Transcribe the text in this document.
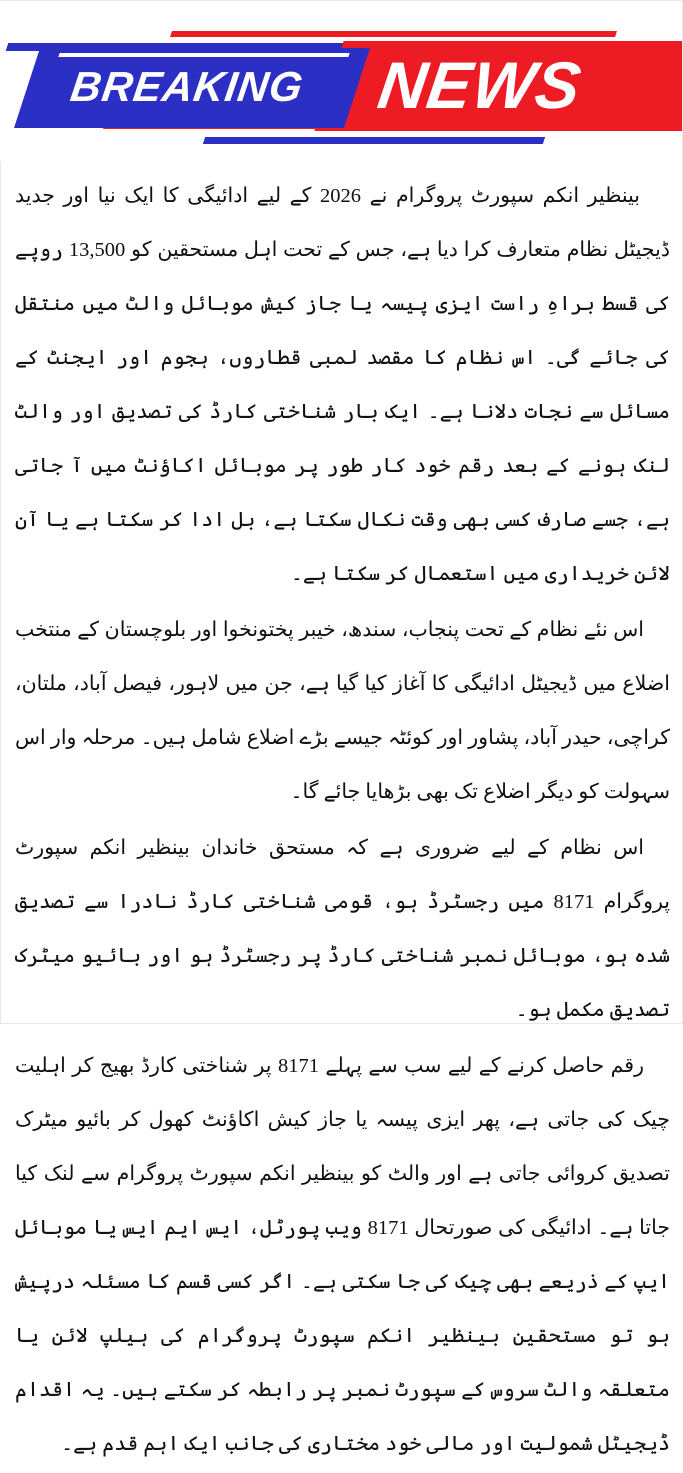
BREAKING NEWS

بینظیر انکم سپورٹ پروگرام نے 2026 کے لیے ادائیگی کا ایک نیا اور جدید ڈیجیٹل نظام متعارف کرا دیا ہے، جس کے تحت اہل مستحقین کو 13,500 روپے کی قسط براہِ راست ایزی پیسہ یا جاز کیش موبائل والٹ میں منتقل کی جائے گی۔ اس نظام کا مقصد لمبی قطاروں، ہجوم اور ایجنٹ کے مسائل سے نجات دلانا ہے۔ ایک بار شناختی کارڈ کی تصدیق اور والٹ لنک ہونے کے بعد رقم خود کار طور پر موبائل اکاؤنٹ میں آ جاتی ہے، جسے صارف کسی بھی وقت نکال سکتا ہے، بل ادا کر سکتا ہے یا آن لائن خریداری میں استعمال کر سکتا ہے۔

اس نئے نظام کے تحت پنجاب، سندھ، خیبر پختونخوا اور بلوچستان کے منتخب اضلاع میں ڈیجیٹل ادائیگی کا آغاز کیا گیا ہے، جن میں لاہور، فیصل آباد، ملتان، کراچی، حیدر آباد، پشاور اور کوئٹہ جیسے بڑے اضلاع شامل ہیں۔ مرحلہ وار اس سہولت کو دیگر اضلاع تک بھی بڑھایا جائے گا۔

اس نظام کے لیے ضروری ہے کہ مستحق خاندان بینظیر انکم سپورٹ پروگرام 8171 میں رجسٹرڈ ہو، قومی شناختی کارڈ نادرا سے تصدیق شدہ ہو، موبائل نمبر شناختی کارڈ پر رجسٹرڈ ہو اور بائیو میٹرک تصدیق مکمل ہو۔

رقم حاصل کرنے کے لیے سب سے پہلے 8171 پر شناختی کارڈ بھیج کر اہلیت چیک کی جاتی ہے، پھر ایزی پیسہ یا جاز کیش اکاؤنٹ کھول کر بائیو میٹرک تصدیق کروائی جاتی ہے اور والٹ کو بینظیر انکم سپورٹ پروگرام سے لنک کیا جاتا ہے۔ ادائیگی کی صورتحال 8171 ویب پورٹل، ایس ایم ایس یا موبائل ایپ کے ذریعے بھی چیک کی جا سکتی ہے۔ اگر کسی قسم کا مسئلہ درپیش ہو تو مستحقین بینظیر انکم سپورٹ پروگرام کی ہیلپ لائن یا متعلقہ والٹ سروس کے سپورٹ نمبر پر رابطہ کر سکتے ہیں۔ یہ اقدام ڈیجیٹل شمولیت اور مالی خود مختاری کی جانب ایک اہم قدم ہے۔
